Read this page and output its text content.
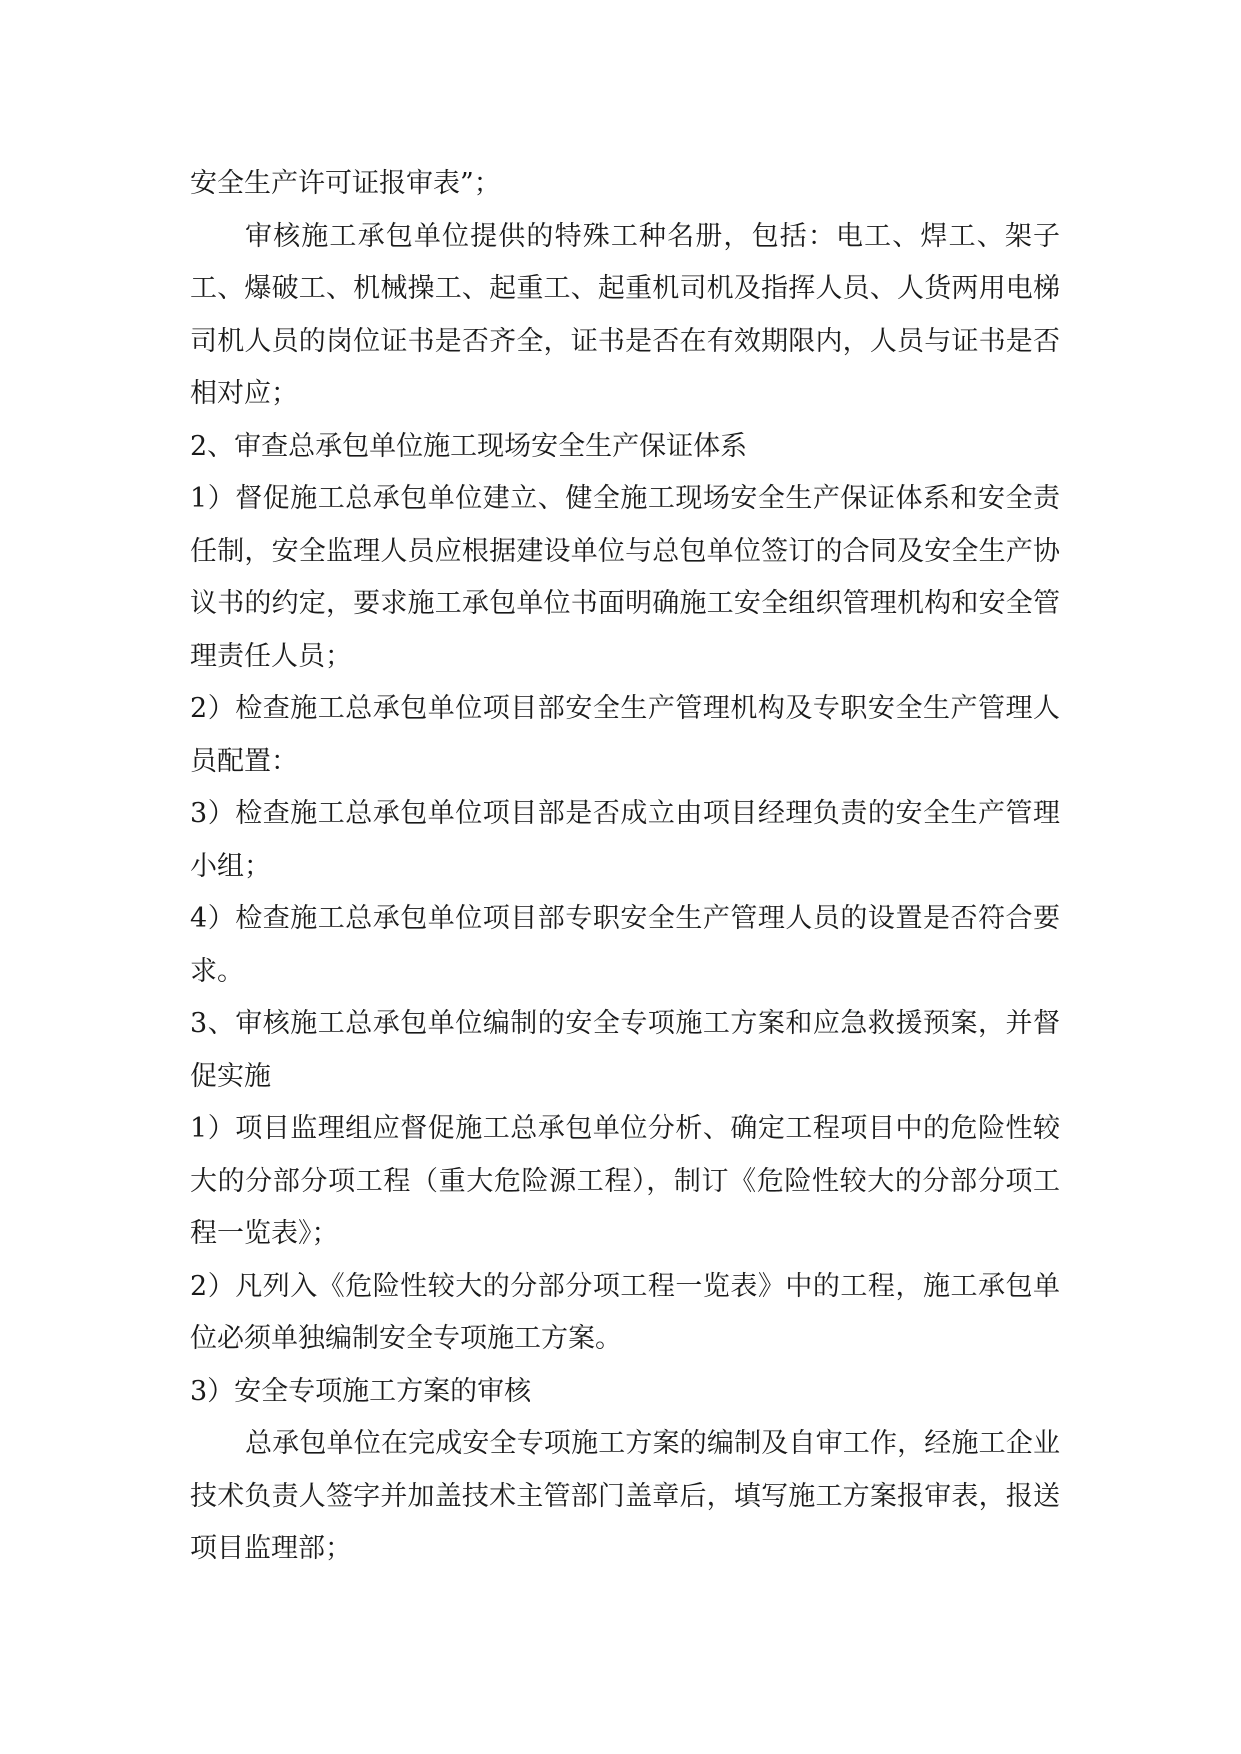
安全生产许可证报审表”；

审核施工承包单位提供的特殊工种名册，包括：电工、焊工、架子工、爆破工、机械操工、起重工、起重机司机及指挥人员、人货两用电梯司机人员的岗位证书是否齐全，证书是否在有效期限内，人员与证书是否相对应；

2、审查总承包单位施工现场安全生产保证体系

1）督促施工总承包单位建立、健全施工现场安全生产保证体系和安全责任制，安全监理人员应根据建设单位与总包单位签订的合同及安全生产协议书的约定，要求施工承包单位书面明确施工安全组织管理机构和安全管理责任人员；

2）检查施工总承包单位项目部安全生产管理机构及专职安全生产管理人员配置：

3）检查施工总承包单位项目部是否成立由项目经理负责的安全生产管理小组；

4）检查施工总承包单位项目部专职安全生产管理人员的设置是否符合要求。

3、审核施工总承包单位编制的安全专项施工方案和应急救援预案，并督促实施

1）项目监理组应督促施工总承包单位分析、确定工程项目中的危险性较大的分部分项工程（重大危险源工程），制订《危险性较大的分部分项工程一览表》；

2）凡列入《危险性较大的分部分项工程一览表》中的工程，施工承包单位必须单独编制安全专项施工方案。

3）安全专项施工方案的审核

总承包单位在完成安全专项施工方案的编制及自审工作，经施工企业技术负责人签字并加盖技术主管部门盖章后，填写施工方案报审表，报送项目监理部；
